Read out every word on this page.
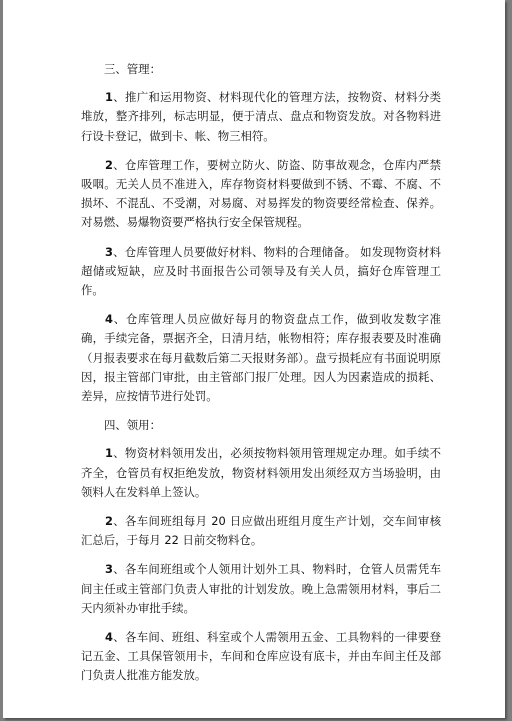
三、管理：

1、推广和运用物资、材料现代化的管理方法，按物资、材料分类堆放，整齐排列，标志明显，便于清点、盘点和物资发放。对各物料进行设卡登记，做到卡、帐、物三相符。

2、仓库管理工作，要树立防火、防盗、防事故观念，仓库内严禁吸咽。无关人员不准进入，库存物资材料要做到不锈、不霉、不腐、不损坏、不混乱、不受潮，对易腐、对易挥发的物资要经常检查、保养。对易燃、易爆物资要严格执行安全保管规程。

3、仓库管理人员要做好材料、物料的合理储备。 如发现物资材料超储或短缺，应及时书面报告公司领导及有关人员，搞好仓库管理工作。

4、仓库管理人员应做好每月的物资盘点工作，做到收发数字准确，手续完备，票据齐全，日清月结，帐物相符；库存报表要及时准确（月报表要求在每月截数后第二天报财务部）。盘亏损耗应有书面说明原因，报主管部门审批，由主管部门报厂处理。因人为因素造成的损耗、差异，应按情节进行处罚。

四、领用：

1、物资材料领用发出，必须按物料领用管理规定办理。如手续不齐全，仓管员有权拒绝发放，物资材料领用发出须经双方当场验明，由领料人在发料单上签认。

2、各车间班组每月 20 日应做出班组月度生产计划，交车间审核汇总后，于每月 22 日前交物料仓。

3、各车间班组或个人领用计划外工具、物料时，仓管人员需凭车间主任或主管部门负责人审批的计划发放。晚上急需领用材料，事后二天内须补办审批手续。

4、各车间、班组、科室或个人需领用五金、工具物料的一律要登记五金、工具保管领用卡，车间和仓库应设有底卡，并由车间主任及部门负责人批准方能发放。
